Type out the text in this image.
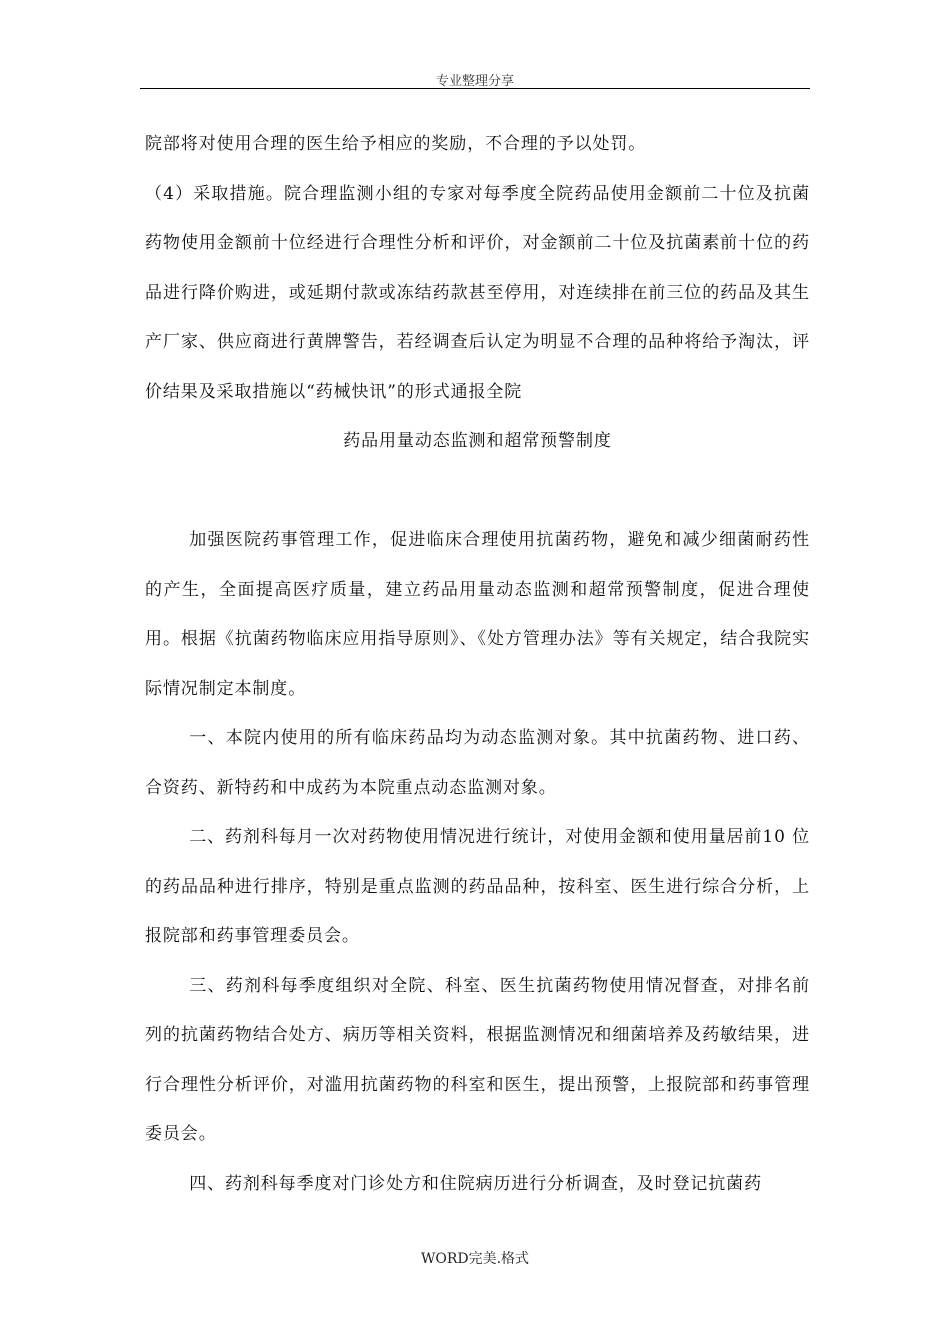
专业整理分享

院部将对使用合理的医生给予相应的奖励，不合理的予以处罚。

（4）采取措施。院合理监测小组的专家对每季度全院药品使用金额前二十位及抗菌药物使用金额前十位经进行合理性分析和评价，对金额前二十位及抗菌素前十位的药品进行降价购进，或延期付款或冻结药款甚至停用，对连续排在前三位的药品及其生产厂家、供应商进行黄牌警告，若经调查后认定为明显不合理的品种将给予淘汰，评价结果及采取措施以“药械快讯”的形式通报全院

药品用量动态监测和超常预警制度

加强医院药事管理工作，促进临床合理使用抗菌药物，避免和减少细菌耐药性的产生，全面提高医疗质量，建立药品用量动态监测和超常预警制度，促进合理使用。根据《抗菌药物临床应用指导原则》、《处方管理办法》等有关规定，结合我院实际情况制定本制度。

一、本院内使用的所有临床药品均为动态监测对象。其中抗菌药物、进口药、合资药、新特药和中成药为本院重点动态监测对象。

二、药剂科每月一次对药物使用情况进行统计，对使用金额和使用量居前10 位的药品品种进行排序，特别是重点监测的药品品种，按科室、医生进行综合分析，上报院部和药事管理委员会。

三、药剂科每季度组织对全院、科室、医生抗菌药物使用情况督查，对排名前列的抗菌药物结合处方、病历等相关资料，根据监测情况和细菌培养及药敏结果，进行合理性分析评价，对滥用抗菌药物的科室和医生，提出预警，上报院部和药事管理委员会。

四、药剂科每季度对门诊处方和住院病历进行分析调查，及时登记抗菌药

WORD完美.格式
